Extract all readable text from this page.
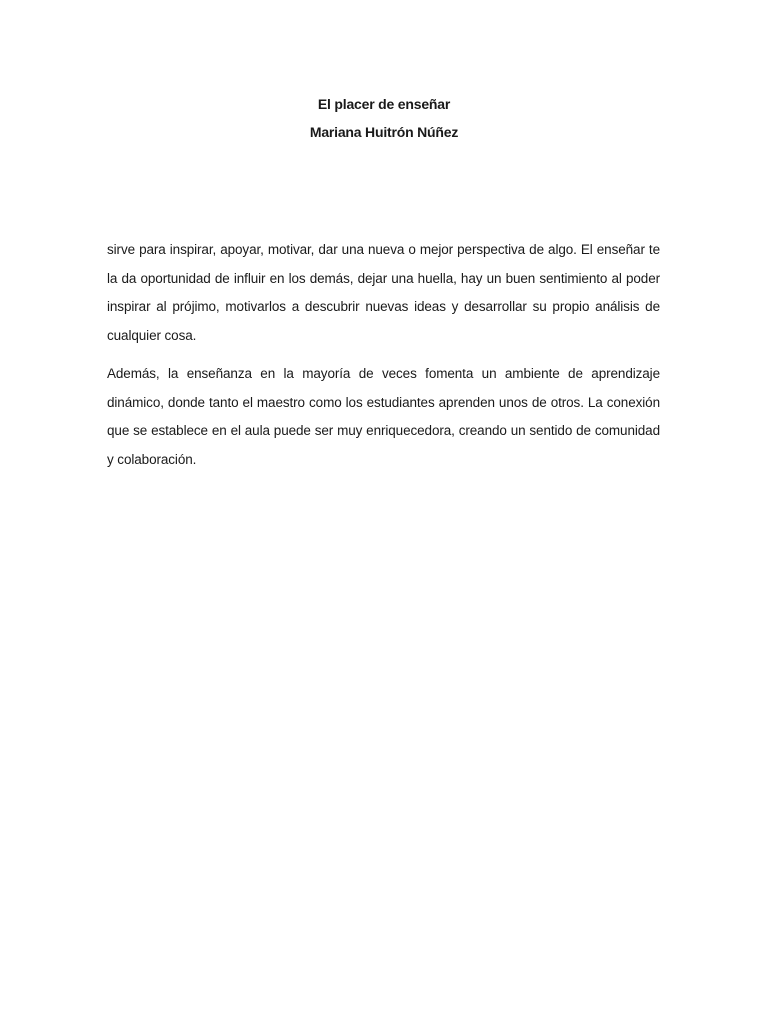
El placer de enseñar

Mariana Huitrón Núñez

sirve para inspirar, apoyar, motivar, dar una nueva o mejor perspectiva de algo. El enseñar te la da oportunidad de influir en los demás, dejar una huella, hay un buen sentimiento al poder inspirar al prójimo, motivarlos a descubrir nuevas ideas y desarrollar su propio análisis de cualquier cosa.

Además, la enseñanza en la mayoría de veces fomenta un ambiente de aprendizaje dinámico, donde tanto el maestro como los estudiantes aprenden unos de otros. La conexión que se establece en el aula puede ser muy enriquecedora, creando un sentido de comunidad y colaboración.
